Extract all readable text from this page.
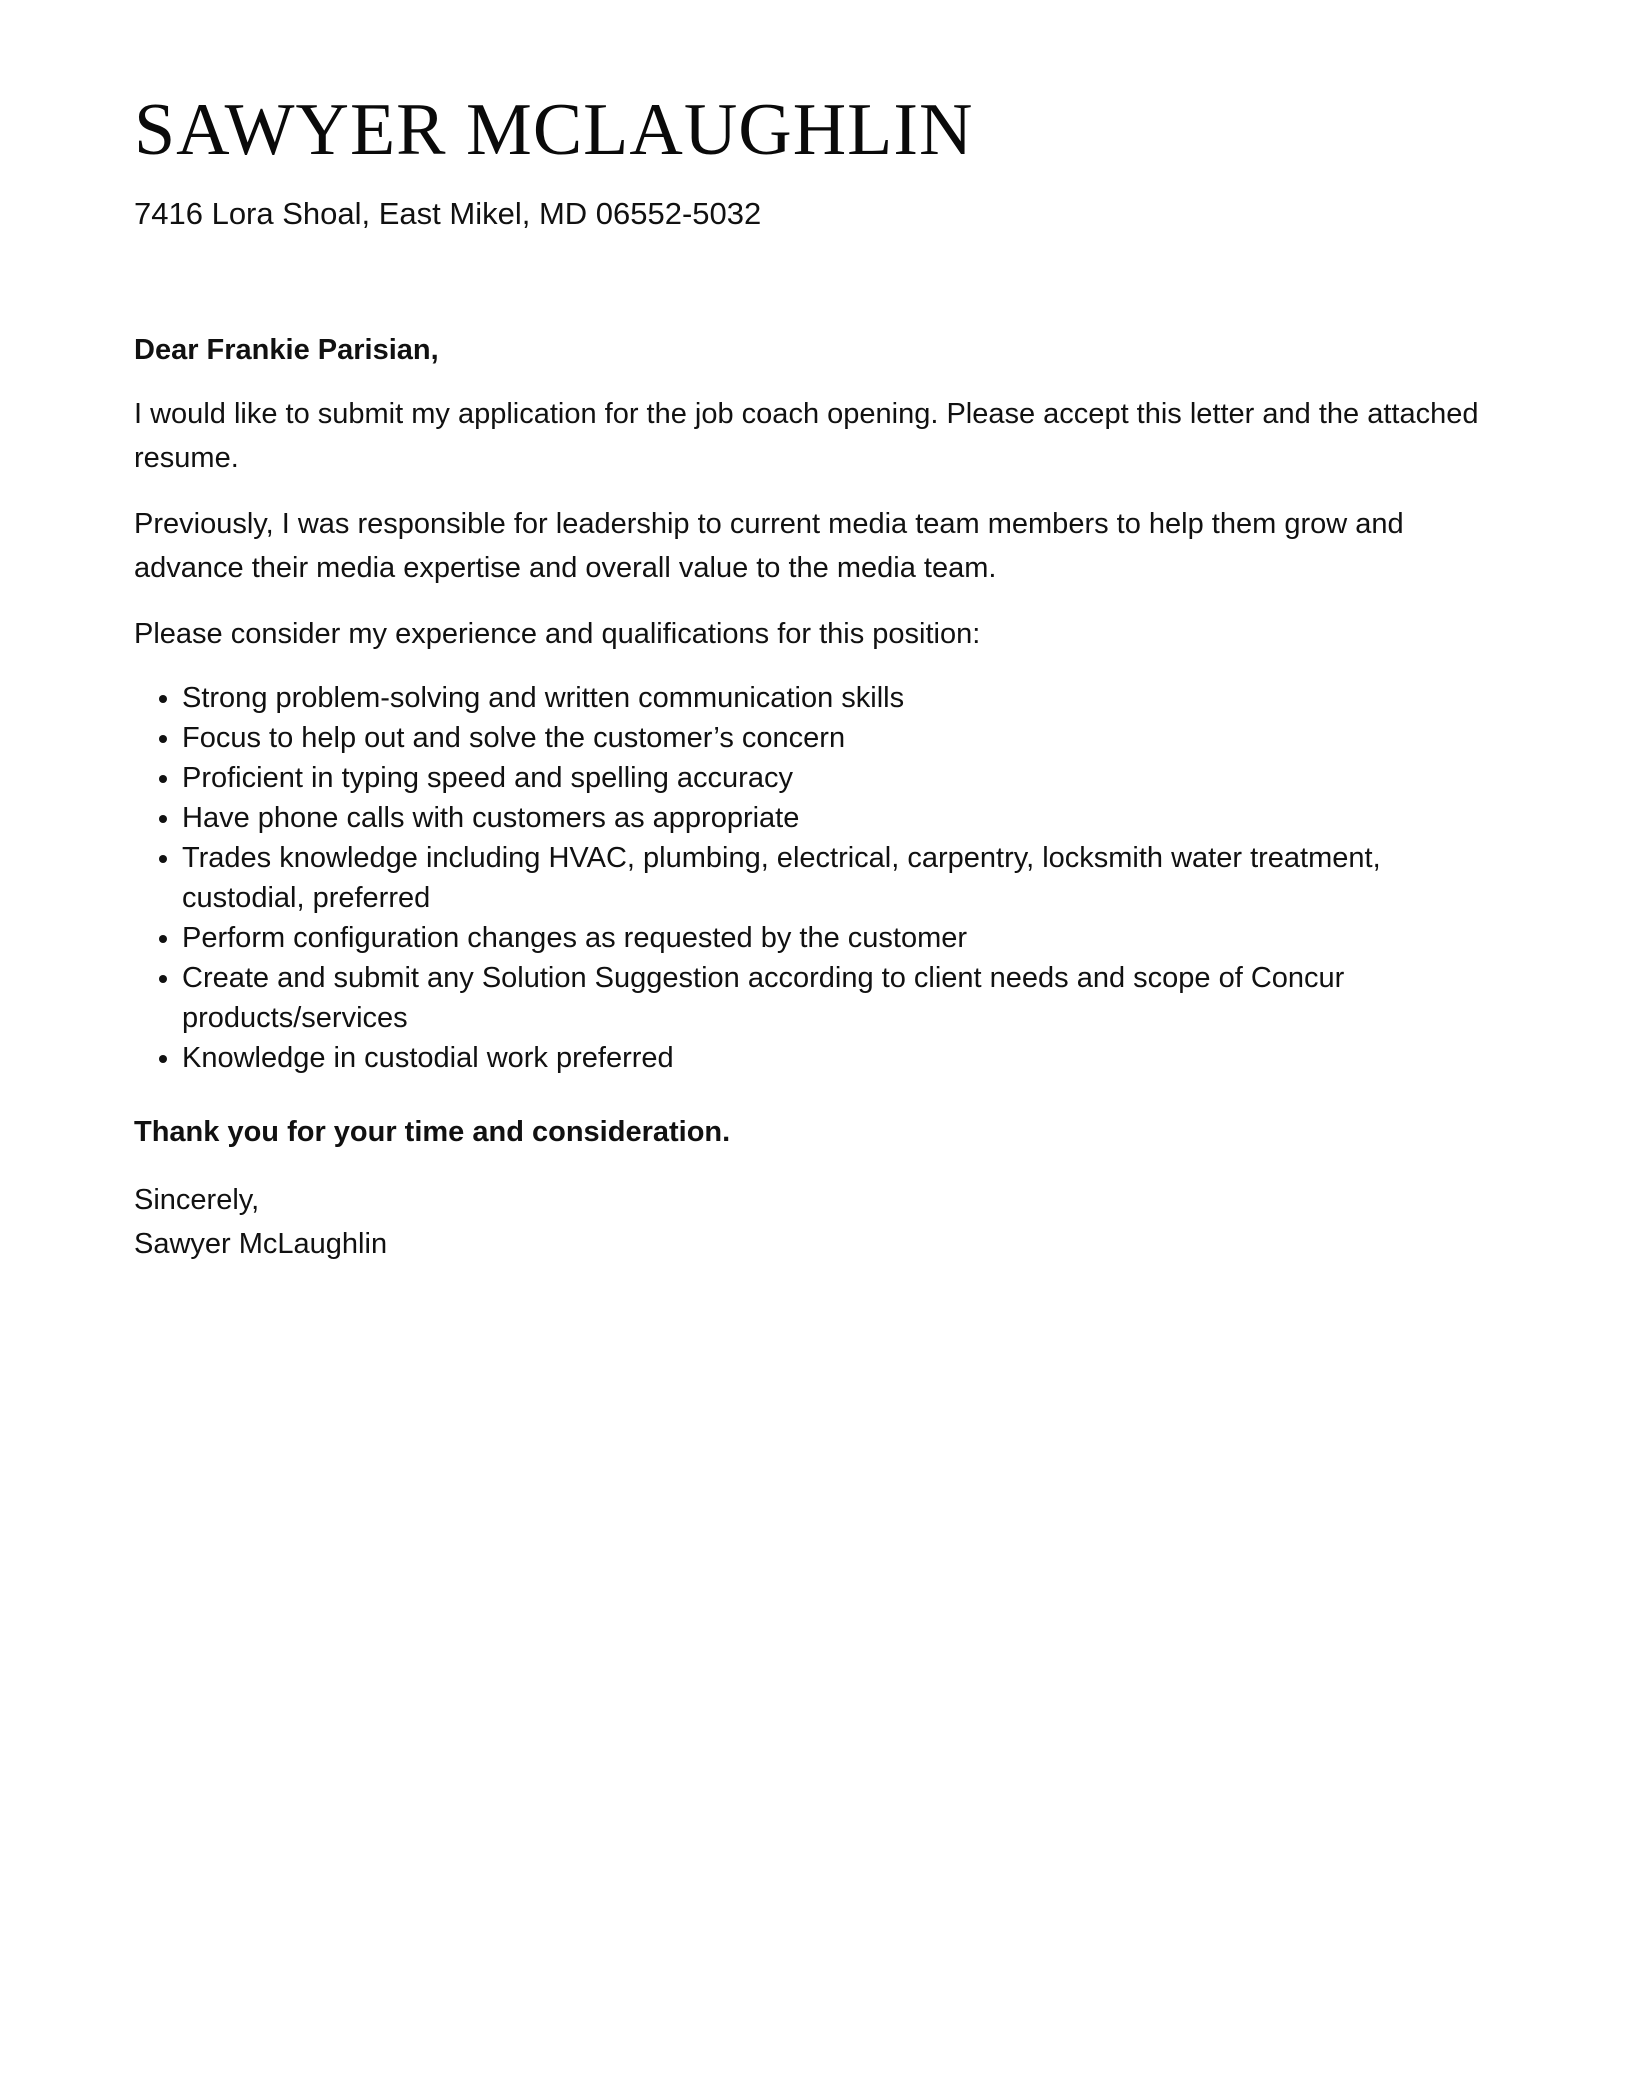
SAWYER MCLAUGHLIN
7416 Lora Shoal, East Mikel, MD 06552-5032
Dear Frankie Parisian,

I would like to submit my application for the job coach opening. Please accept this letter and the attached resume.

Previously, I was responsible for leadership to current media team members to help them grow and advance their media expertise and overall value to the media team.

Please consider my experience and qualifications for this position:

• Strong problem-solving and written communication skills
• Focus to help out and solve the customer’s concern
• Proficient in typing speed and spelling accuracy
• Have phone calls with customers as appropriate
• Trades knowledge including HVAC, plumbing, electrical, carpentry, locksmith water treatment, custodial, preferred
• Perform configuration changes as requested by the customer
• Create and submit any Solution Suggestion according to client needs and scope of Concur products/services
• Knowledge in custodial work preferred
Thank you for your time and consideration.
Sincerely,
Sawyer McLaughlin
